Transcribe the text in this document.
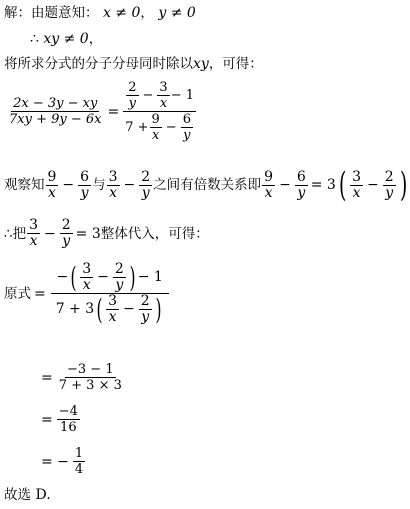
解：由题意知： x ≠ 0， y ≠ 0
∴ xy ≠ 0，
将所求分式的分子分母同时除以xy，可得：
$\frac{2x - 3y - xy}{7xy + 9y - 6x} = \frac{\frac{2}{y} - \frac{3}{x} - 1}{7 + \frac{9}{x} - \frac{6}{y}}$
观察知 $\frac{9}{x} - \frac{6}{y}$ 与 $\frac{3}{x} - \frac{2}{y}$ 之间有倍数关系即 $\frac{9}{x} - \frac{6}{y} = 3$ ( $\frac{3}{x} - \frac{2}{y}$ )
∴把 $\frac{3}{x} - \frac{2}{y} = 3$ 整体代入，可得：
原式 =
− ( $\frac{3}{x} - \frac{2}{y}$ ) − 1
7 + 3 ( $\frac{3}{x} - \frac{2}{y}$ )
= $\frac{-3 - 1}{7 + 3 \times 3}$
= $\frac{-4}{16}$
= − $\frac{1}{4}$
故选 D.
